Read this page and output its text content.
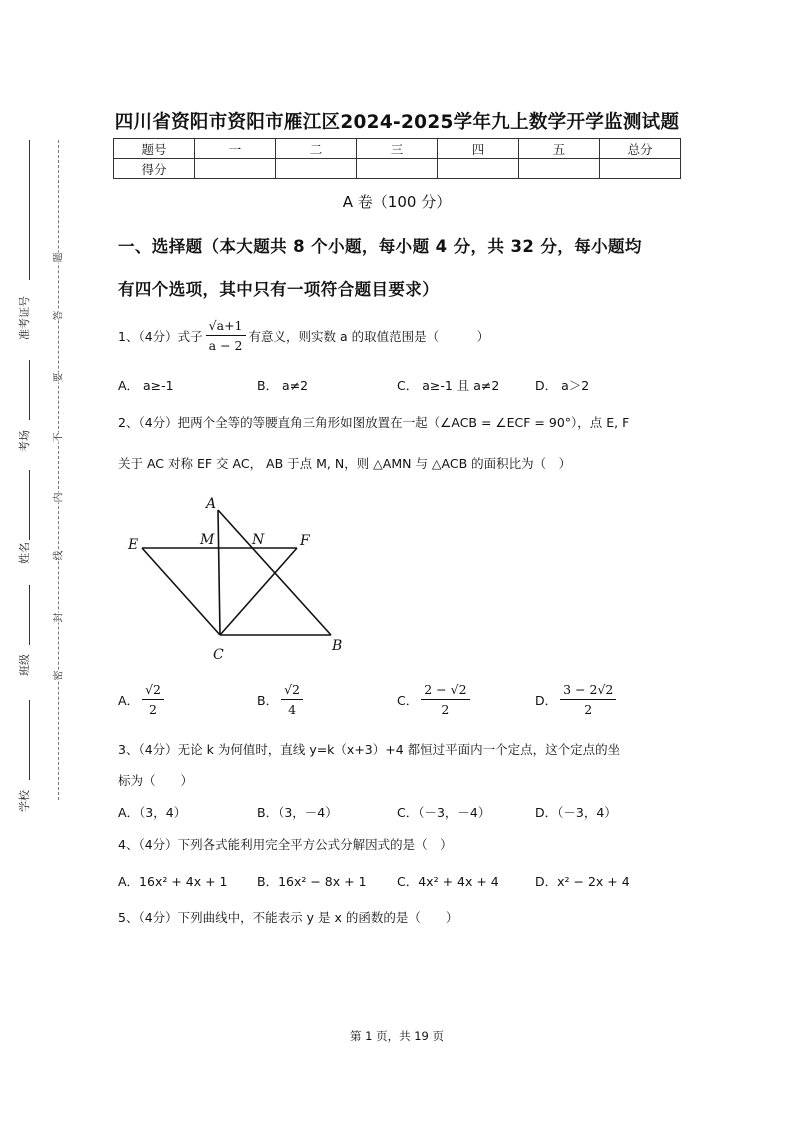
准考证号
考场
姓名
班级
学校
题
答
要
不
内
线
封
密
四川省资阳市资阳市雁江区2024-2025学年九上数学开学监测试题
题号	一	二	三	四	五	总分
得分						
A 卷（100 分）
一、选择题（本大题共 8 个小题，每小题 4 分，共 32 分，每小题均
有四个选项，其中只有一项符合题目要求）
1、（4分）式子 $\frac{√a+1}{a - 2}$ 有意义，则实数 a 的取值范围是（　　　）
A． a≥-1	B． a≠2	C． a≥-1 且 a≠2	D． a＞2
2、（4分）把两个全等的等腰直角三角形如图放置在一起（∠ACB = ∠ECF = 90°），点 E, F
关于 AC 对称 EF 交 AC， AB 于点 M, N，则 △AMN 与 △ACB 的面积比为（　）
A
M	N	F
E
C
B
A． $\frac{√2}{2}$	B． $\frac{√2}{4}$	C． $\frac{2 - √2}{2}$	D． $\frac{3 - 2√2}{2}$
3、（4分）无论 k 为何值时，直线 y=k（x+3）+4 都恒过平面内一个定点，这个定点的坐
标为（　　）
A．（3，4）	B．（3，－4）	C．（－3，－4）	D．（－3，4）
4、（4分）下列各式能利用完全平方公式分解因式的是（　）
A．16x² + 4x + 1 B．16x² − 8x + 1 C．4x² + 4x + 4	D．x² − 2x + 4
5、（4分）下列曲线中，不能表示 y 是 x 的函数的是（　　）
第 1 页，共 19 页
